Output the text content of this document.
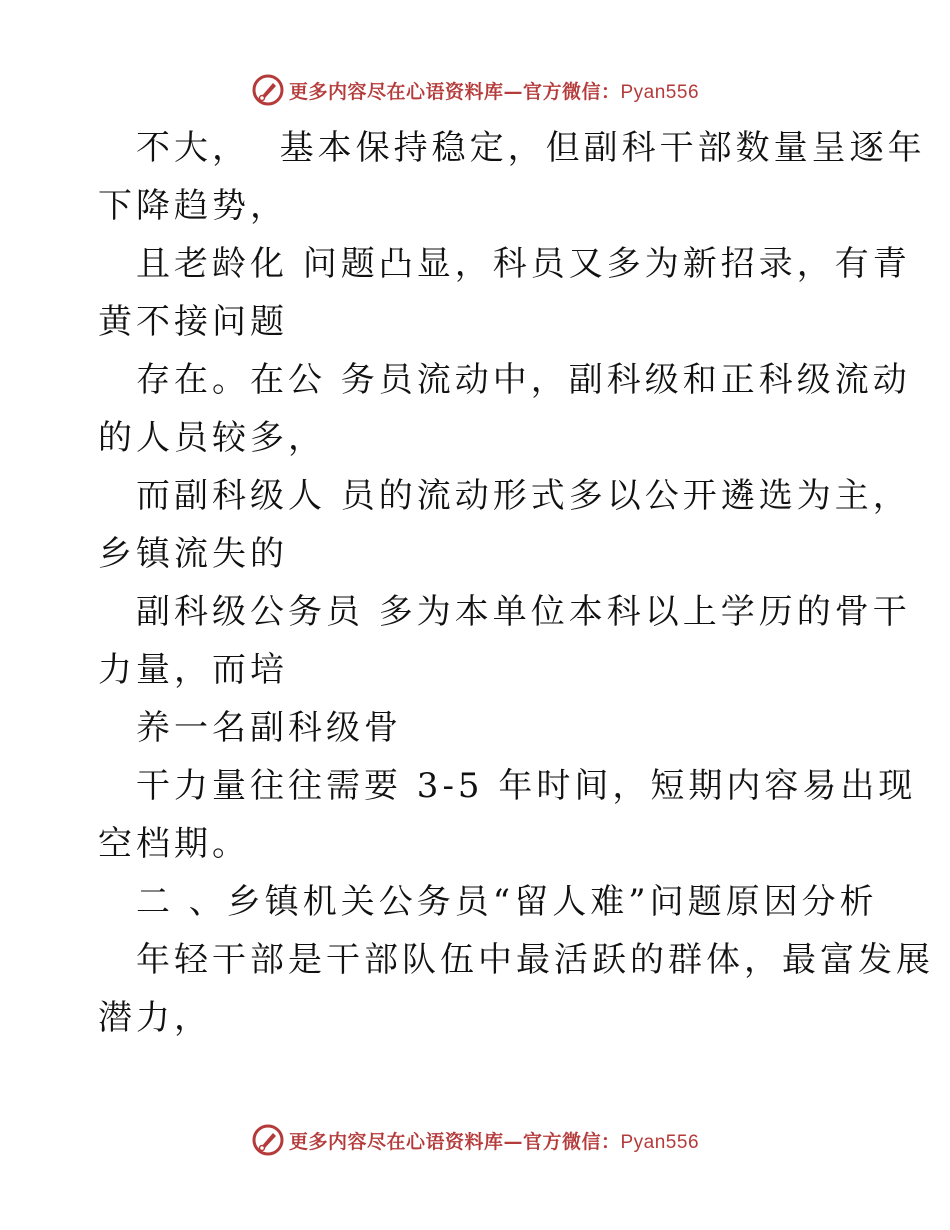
更多内容尽在心语资料库—官方微信：Pyan556
不大，  基本保持稳定，但副科干部数量呈逐年
下降趋势，
且老龄化 问题凸显，科员又多为新招录，有青
黄不接问题
存在。在公 务员流动中，副科级和正科级流动
的人员较多，
而副科级人 员的流动形式多以公开遴选为主，
乡镇流失的
副科级公务员 多为本单位本科以上学历的骨干
力量，而培
养一名副科级骨
干力量往往需要 3-5 年时间，短期内容易出现
空档期。
二 、乡镇机关公务员“留人难”问题原因分析
年轻干部是干部队伍中最活跃的群体，最富发展
潜力，
更多内容尽在心语资料库—官方微信：Pyan556
